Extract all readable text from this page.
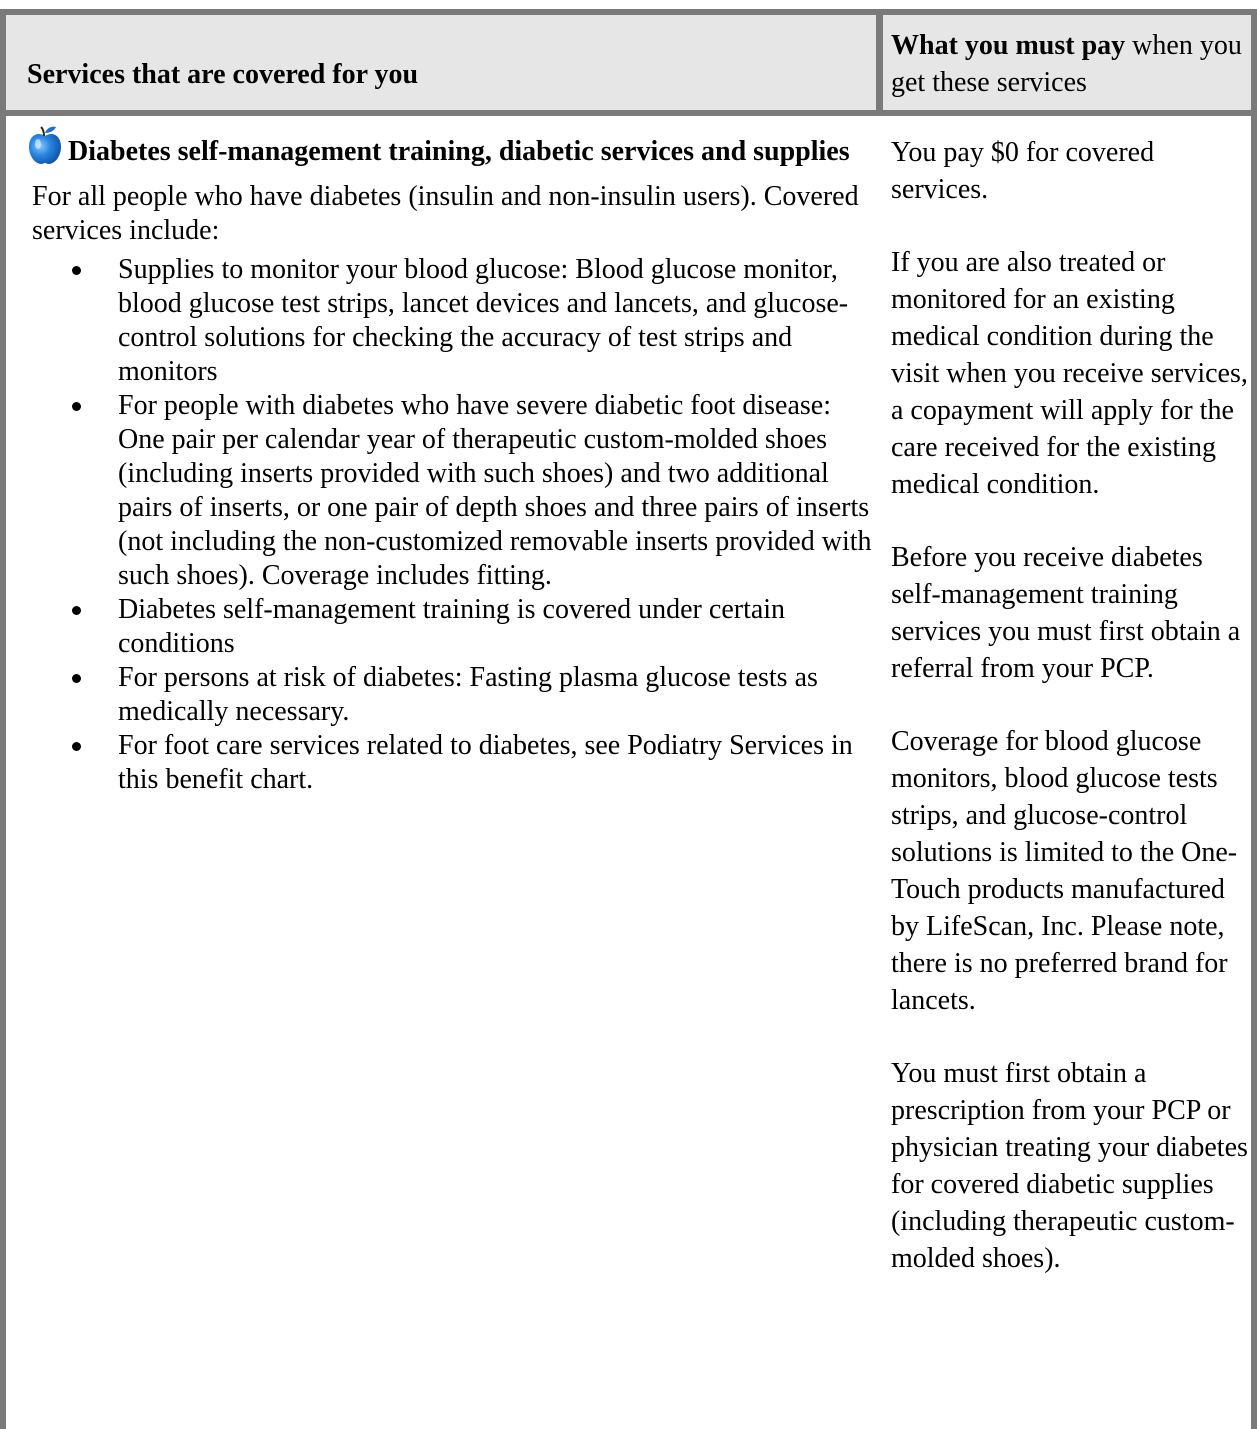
Services that are covered for you
What you must pay when you get these services

Diabetes self-management training, diabetic services and supplies

For all people who have diabetes (insulin and non-insulin users). Covered services include:

Supplies to monitor your blood glucose: Blood glucose monitor, blood glucose test strips, lancet devices and lancets, and glucose-control solutions for checking the accuracy of test strips and monitors
For people with diabetes who have severe diabetic foot disease: One pair per calendar year of therapeutic custom-molded shoes (including inserts provided with such shoes) and two additional pairs of inserts, or one pair of depth shoes and three pairs of inserts (not including the non-customized removable inserts provided with such shoes). Coverage includes fitting.
Diabetes self-management training is covered under certain conditions
For persons at risk of diabetes: Fasting plasma glucose tests as medically necessary.
For foot care services related to diabetes, see Podiatry Services in this benefit chart.

You pay $0 for covered services.

If you are also treated or monitored for an existing medical condition during the visit when you receive services, a copayment will apply for the care received for the existing medical condition.

Before you receive diabetes self-management training services you must first obtain a referral from your PCP.

Coverage for blood glucose monitors, blood glucose tests strips, and glucose-control solutions is limited to the One-Touch products manufactured by LifeScan, Inc. Please note, there is no preferred brand for lancets.

You must first obtain a prescription from your PCP or physician treating your diabetes for covered diabetic supplies (including therapeutic custom-molded shoes).
